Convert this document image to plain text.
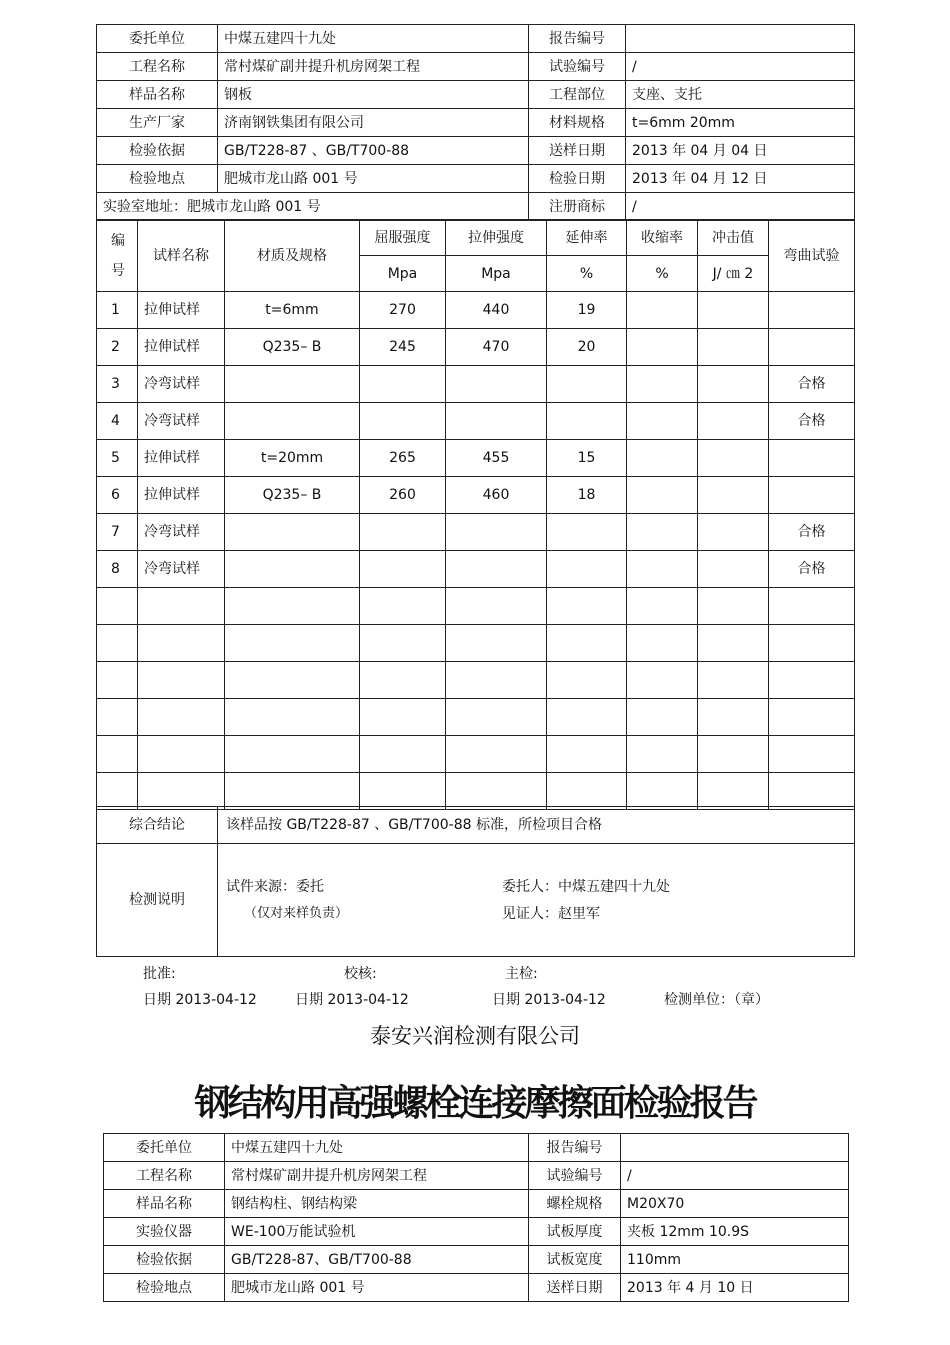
委托单位	中煤五建四十九处	报告编号	
工程名称	常村煤矿副井提升机房网架工程	试验编号	/
样品名称	钢板	工程部位	支座、支托
生产厂家	济南钢铁集团有限公司	材料规格	t=6mm 20mm
检验依据	GB/T228-87 、GB/T700-88	送样日期	2013 年 04 月 04 日
检验地点	肥城市龙山路 001 号	检验日期	2013 年 04 月 12 日
实验室地址：肥城市龙山路 001 号		注册商标	/
编号	试样名称	材质及规格	屈服强度	拉伸强度	延伸率	收缩率	冲击值	弯曲试验
			Mpa	Mpa	%	%	J/ ㎝ 2	
1	拉伸试样	t=6mm	270	440	19			
2	拉伸试样	Q235– B	245	470	20			
3	冷弯试样							合格
4	冷弯试样							合格
5	拉伸试样	t=20mm	265	455	15			
6	拉伸试样	Q235– B	260	460	18			
7	冷弯试样							合格
8	冷弯试样							合格

综合结论	该样品按 GB/T228-87 、GB/T700-88 标准，所检项目合格
检测说明	试件来源：委托
（仅对来样负责）
委托人：中煤五建四十九处
见证人：赵里军
批准:	校核:	主检:
日期 2013-04-12	日期 2013-04-12	日期 2013-04-12	检测单位：（章）
泰安兴润检测有限公司
钢结构用高强螺栓连接摩擦面检验报告
委托单位	中煤五建四十九处	报告编号	
工程名称	常村煤矿副井提升机房网架工程	试验编号	/
样品名称	钢结构柱、钢结构梁	螺栓规格	M20X70
实验仪器	WE-100万能试验机	试板厚度	夹板 12mm 10.9S
检验依据	GB/T228-87、GB/T700-88	试板宽度	110mm
检验地点	肥城市龙山路 001 号	送样日期	2013 年 4 月 10 日
